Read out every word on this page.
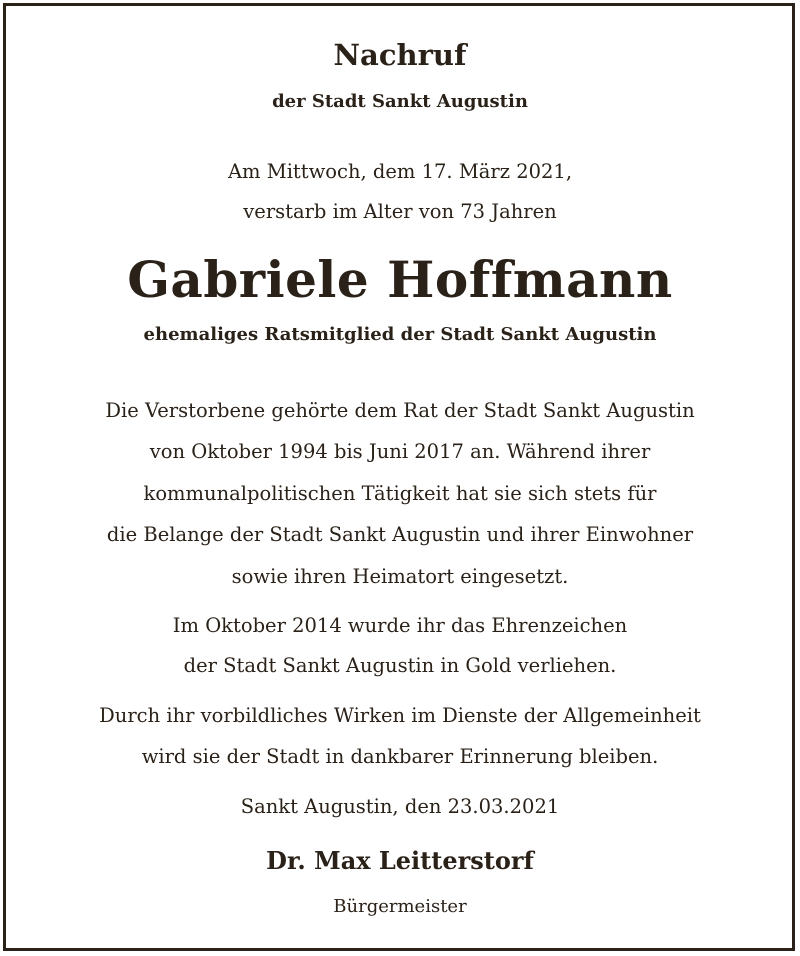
Nachruf
der Stadt Sankt Augustin
Am Mittwoch, dem 17. März 2021,
verstarb im Alter von 73 Jahren
Gabriele Hoffmann
ehemaliges Ratsmitglied der Stadt Sankt Augustin
Die Verstorbene gehörte dem Rat der Stadt Sankt Augustin
von Oktober 1994 bis Juni 2017 an. Während ihrer
kommunalpolitischen Tätigkeit hat sie sich stets für
die Belange der Stadt Sankt Augustin und ihrer Einwohner
sowie ihren Heimatort eingesetzt.
Im Oktober 2014 wurde ihr das Ehrenzeichen
der Stadt Sankt Augustin in Gold verliehen.
Durch ihr vorbildliches Wirken im Dienste der Allgemeinheit
wird sie der Stadt in dankbarer Erinnerung bleiben.
Sankt Augustin, den 23.03.2021
Dr. Max Leitterstorf
Bürgermeister
